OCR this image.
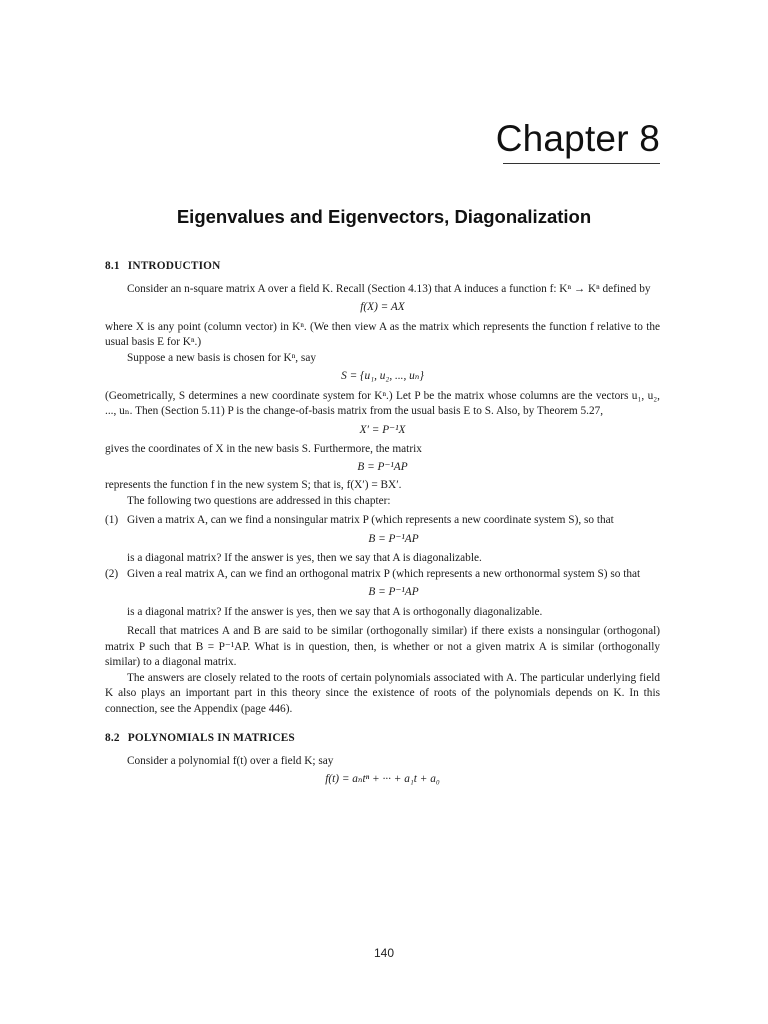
Chapter 8
Eigenvalues and Eigenvectors, Diagonalization
8.1 INTRODUCTION

Consider an n-square matrix A over a field K. Recall (Section 4.13) that A induces a function f: Kⁿ → Kⁿ defined by

f(X) = AX

where X is any point (column vector) in Kⁿ. (We then view A as the matrix which represents the function f relative to the usual basis E for Kⁿ.)

Suppose a new basis is chosen for Kⁿ, say

S = {u₁, u₂, ..., uₙ}

(Geometrically, S determines a new coordinate system for Kⁿ.) Let P be the matrix whose columns are the vectors u₁, u₂, ..., uₙ. Then (Section 5.11) P is the change-of-basis matrix from the usual basis E to S. Also, by Theorem 5.27,

X′ = P⁻¹X

gives the coordinates of X in the new basis S. Furthermore, the matrix

B = P⁻¹AP

represents the function f in the new system S; that is, f(X′) = BX′.

The following two questions are addressed in this chapter:

(1) Given a matrix A, can we find a nonsingular matrix P (which represents a new coordinate system S), so that

B = P⁻¹AP

is a diagonal matrix? If the answer is yes, then we say that A is diagonalizable.

(2) Given a real matrix A, can we find an orthogonal matrix P (which represents a new orthonormal system S) so that

B = P⁻¹AP

is a diagonal matrix? If the answer is yes, then we say that A is orthogonally diagonalizable.

Recall that matrices A and B are said to be similar (orthogonally similar) if there exists a nonsingular (orthogonal) matrix P such that B = P⁻¹AP. What is in question, then, is whether or not a given matrix A is similar (orthogonally similar) to a diagonal matrix.

The answers are closely related to the roots of certain polynomials associated with A. The particular underlying field K also plays an important part in this theory since the existence of roots of the polynomials depends on K. In this connection, see the Appendix (page 446).

8.2 POLYNOMIALS IN MATRICES

Consider a polynomial f(t) over a field K; say

f(t) = aₙtⁿ + ··· + a₁t + a₀
140
